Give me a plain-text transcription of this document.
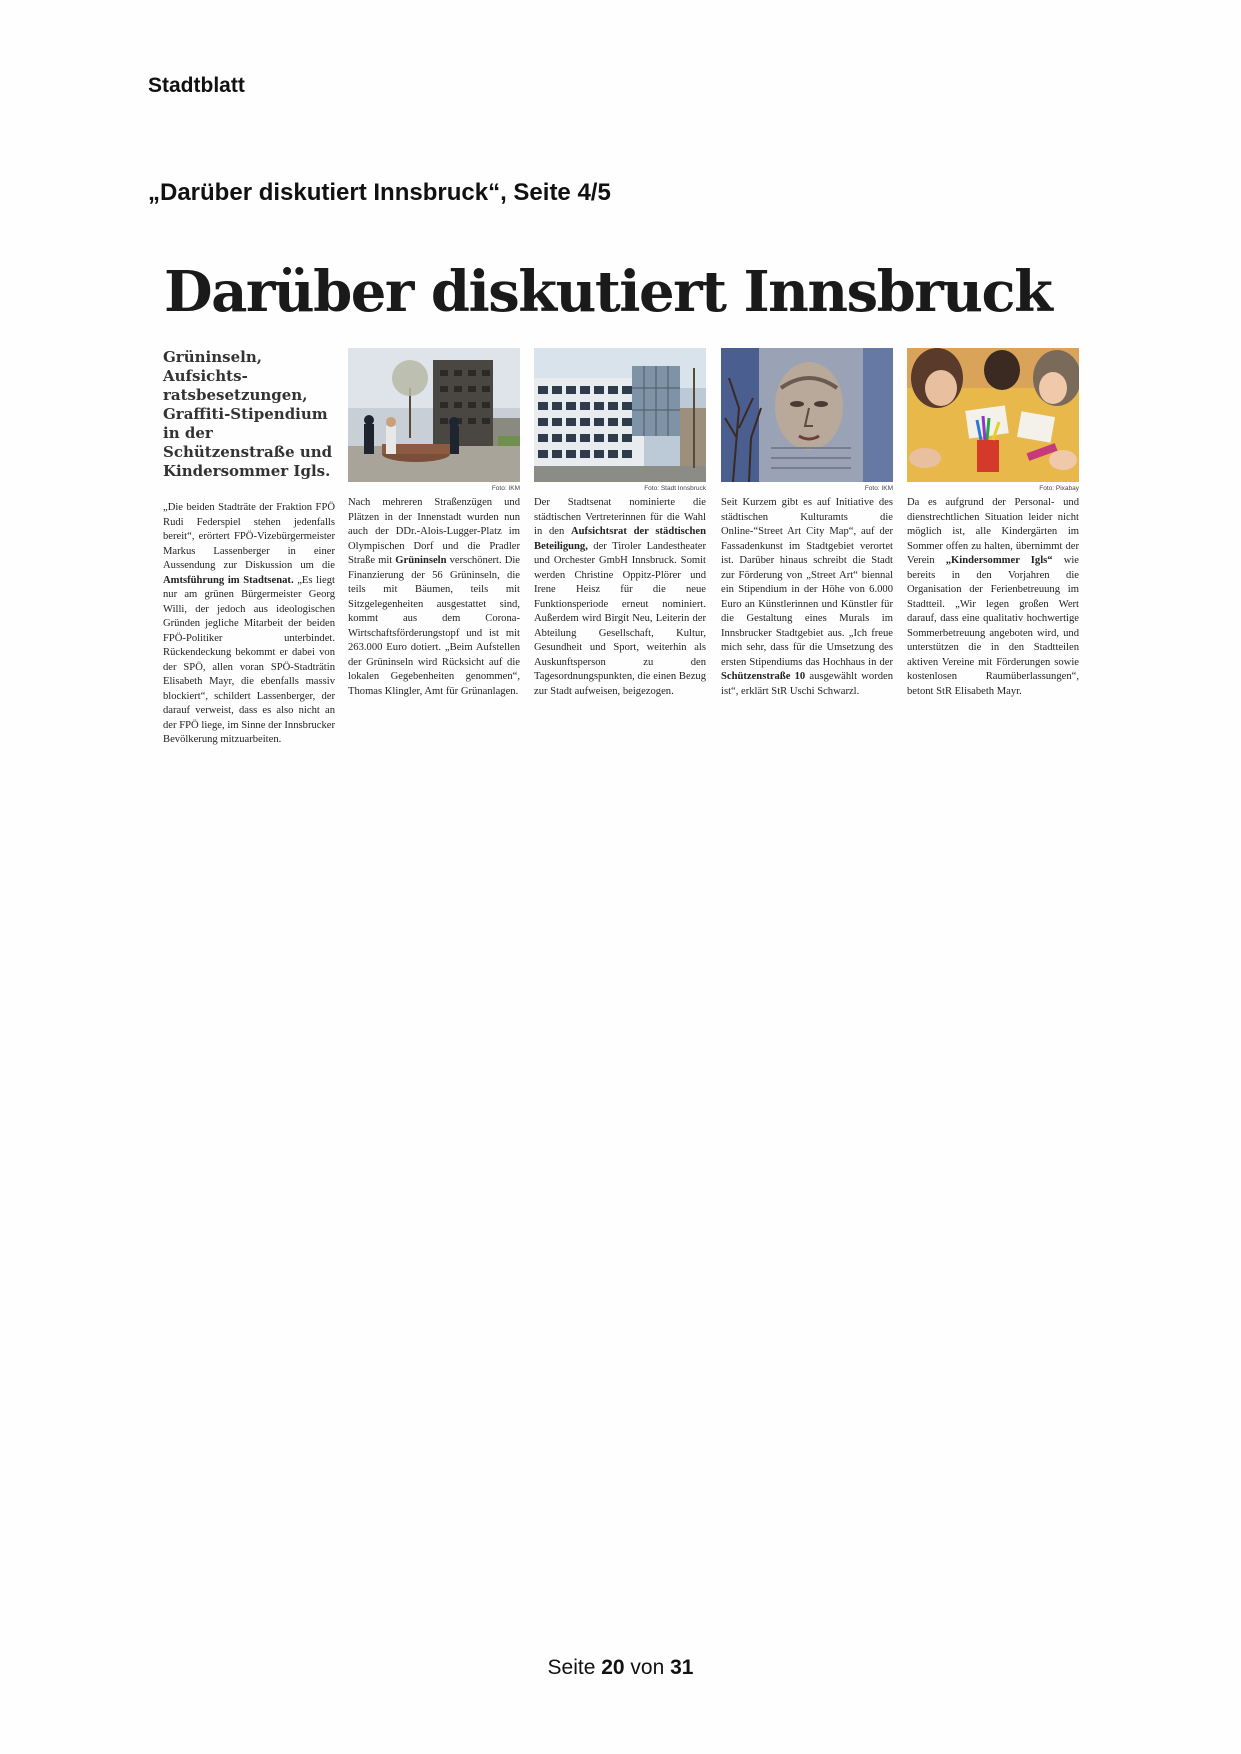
Stadtblatt
„Darüber diskutiert Innsbruck“, Seite 4/5
Darüber diskutiert Innsbruck

Grüninseln, Aufsichtsratsbesetzungen, Graffiti-Stipendium in der Schützenstraße und Kindersommer Igls.

„Die beiden Stadträte der Fraktion FPÖ Rudi Federspiel stehen jedenfalls bereit“, erörtert FPÖ-Vizebürgermeister Markus Lassenberger in einer Aussendung zur Diskussion um die Amtsführung im Stadtsenat. „Es liegt nur am grünen Bürgermeister Georg Willi, der jedoch aus ideologischen Gründen jegliche Mitarbeit der beiden FPÖ-Politiker unterbindet. Rückendeckung bekommt er dabei von der SPÖ, allen voran SPÖ-Stadträtin Elisabeth Mayr, die ebenfalls massiv blockiert“, schildert Lassenberger, der darauf verweist, dass es also nicht an der FPÖ liege, im Sinne der Innsbrucker Bevölkerung mitzuarbeiten.

Foto: IKM

Nach mehreren Straßenzügen und Plätzen in der Innenstadt wurden nun auch der DDr.-Alois-Lugger-Platz im Olympischen Dorf und die Pradler Straße mit Grüninseln verschönert. Die Finanzierung der 56 Grüninseln, die teils mit Bäumen, teils mit Sitzgelegenheiten ausgestattet sind, kommt aus dem Corona-Wirtschaftsförderungstopf und ist mit 263.000 Euro dotiert. „Beim Aufstellen der Grüninseln wird Rücksicht auf die lokalen Gegebenheiten genommen“, Thomas Klingler, Amt für Grünanlagen.

Foto: Stadt Innsbruck

Der Stadtsenat nominierte die städtischen Vertreterinnen für die Wahl in den Aufsichtsrat der städtischen Beteiligung, der Tiroler Landestheater und Orchester GmbH Innsbruck. Somit werden Christine Oppitz-Plörer und Irene Heisz für die neue Funktionsperiode erneut nominiert. Außerdem wird Birgit Neu, Leiterin der Abteilung Gesellschaft, Kultur, Gesundheit und Sport, weiterhin als Auskunftsperson zu den Tagesordnungspunkten, die einen Bezug zur Stadt aufweisen, beigezogen.

Foto: IKM

Seit Kurzem gibt es auf Initiative des städtischen Kulturamts die Online-“Street Art City Map“, auf der Fassadenkunst im Stadtgebiet verortet ist. Darüber hinaus schreibt die Stadt zur Förderung von „Street Art“ biennal ein Stipendium in der Höhe von 6.000 Euro an Künstlerinnen und Künstler für die Gestaltung eines Murals im Innsbrucker Stadtgebiet aus. „Ich freue mich sehr, dass für die Umsetzung des ersten Stipendiums das Hochhaus in der Schützenstraße 10 ausgewählt worden ist“, erklärt StR Uschi Schwarzl.

Foto: Pixabay

Da es aufgrund der Personal- und dienstrechtlichen Situation leider nicht möglich ist, alle Kindergärten im Sommer offen zu halten, übernimmt der Verein „Kindersommer Igls“ wie bereits in den Vorjahren die Organisation der Ferienbetreuung im Stadtteil. „Wir legen großen Wert darauf, dass eine qualitativ hochwertige Sommerbetreuung angeboten wird, und unterstützen die in den Stadtteilen aktiven Vereine mit Förderungen sowie kostenlosen Raumüberlassungen“, betont StR Elisabeth Mayr.

Seite 20 von 31
